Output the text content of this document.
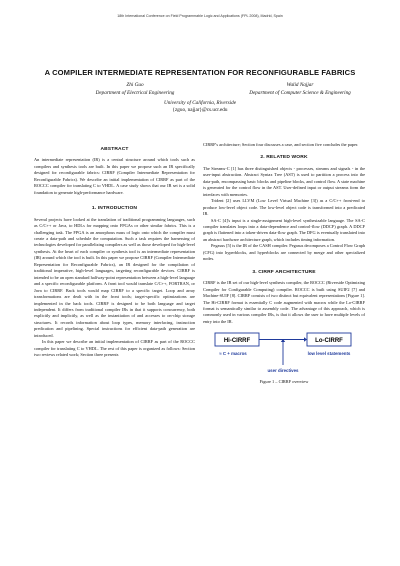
18th International Conference on Field Programmable Logic and Applications (FPL 2008), Madrid, Spain
A COMPILER INTERMEDIATE REPRESENTATION FOR RECONFIGURABLE FABRICS
Zhi Guo
Department of Electrical Engineering
Walid Najjar
Department of Computer Science & Engineering
University of California, Riverside
{zguo, najjar}@cs.ucr.edu
ABSTRACT

An intermediate representation (IR) is a central structure around which tools such as compilers and synthesis tools are built. In this paper we propose such an IR specifically designed for reconfigurable fabrics: CIRRF (Compiler Intermediate Representation for Reconfigurable Fabrics). We describe an initial implementation of CIRRF as part of the ROCCC compiler for translating C to VHDL. A case study shows that our IR set is a solid foundation to generate high-performance hardware.

1. INTRODUCTION

Several projects have looked at the translation of traditional programming languages, such as C/C++ or Java, to HDLs for mapping onto FPGAs or other similar fabrics. This is a challenging task. The FPGA is an amorphous mass of logic onto which the compiler must create a data-path and schedule the computation. Such a task requires the harnessing of technologies developed for parallelizing compilers as well as those developed for high-level synthesis. At the heart of each compiler or synthesis tool is an intermediate representation (IR) around which the tool is built. In this paper we propose CIRRF (Compiler Intermediate Representation for Reconfigurable Fabrics), an IR designed for the compilation of traditional imperative, high-level languages, targeting reconfigurable devices. CIRRF is intended to be an open standard halfway-point representation between a high-level language and a specific reconfigurable platform. A front tool would translate C/C++, FORTRAN, or Java to CIRRF. Back tools would map CIRRF to a specific target. Loop and array transformations are dealt with in the front tools; target-specific optimizations are implemented in the back tools. CIRRF is designed to be both language and target independent. It differs from traditional compiler IRs in that it supports concurrency, both explicitly and implicitly, as well as the instantiation of and accesses to on-chip storage structures. It records information about loop types, memory interfacing, instruction predication and pipelining. Special instructions for efficient data-path generation are introduced.

In this paper we describe an initial implementation of CIRRF as part of the ROCCC compiler for translating C to VHDL. The rest of this paper is organized as follows: Section two reviews related work; Section three presents

CIRRF's architecture; Section four discusses a case, and section five concludes the paper.

2. RELATED WORK

The Streams-C [1] has three distinguished objects - processes, streams and signals - in the user-input abstraction. Abstract Syntax Tree (AST) is used to partition a process into the data-path, encompassing basic blocks and pipeline blocks, and control flow. A state machine is generated for the control flow in the AST. User-defined input or output streams form the interfaces with memories.

Trident [2] uses LLVM (Low Level Virtual Machine [3]) as a C/C++ front-end to produce low-level object code. The low-level object code is transformed into a predicated IR.

SA-C [4]'s input is a single-assignment high-level synthesizable language. The SA-C compiler translates loops into a data-dependence and control-flow (DDCF) graph. A DDCF graph is flattened into a token-driven data-flow graph. The DFG is eventually translated into an abstract hardware architecture graph, which includes timing information.

Pegasus [5] is the IR of the CASH compiler. Pegasus decomposes a Control Flow Graph (CFG) into hyperblocks, and hyperblocks are connected by merge and other specialized nodes.

3. CIRRF ARCHITECTURE

CIRRF is the IR set of our high-level synthesis compiler, the ROCCC (Riverside Optimizing Compiler for Configurable Computing) compiler. ROCCC is built using SUIF2 [7] and Machine-SUIF [8]. CIRRF consists of two distinct but equivalent representations [Figure 1]. The Hi-CIRRF format is essentially C code augmented with macros while the Lo-CIRRF format is semantically similar to assembly code. The advantage of this approach, which is commonly used in various compiler IRs, is that it allows the user to have multiple levels of entry into the IR.

Hi-CIRRF	Lo-CIRRF
≈ C + macros	low level statements
user directives
Figure 1 – CIRRF overview
